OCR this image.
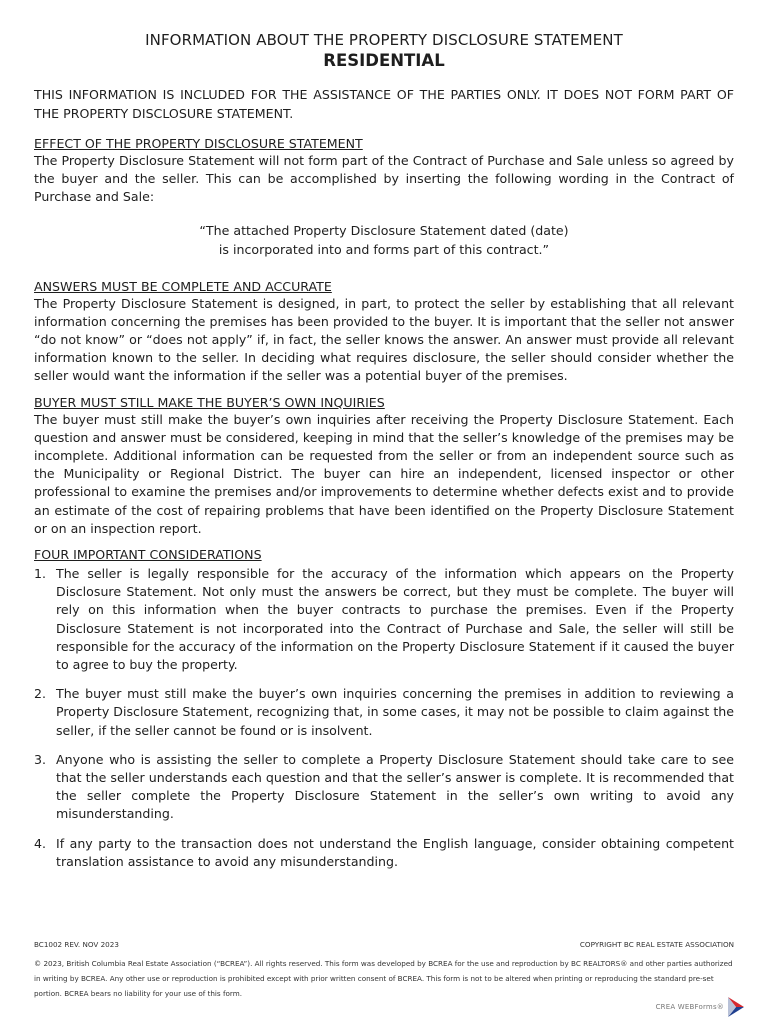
INFORMATION ABOUT THE PROPERTY DISCLOSURE STATEMENT
RESIDENTIAL
THIS INFORMATION IS INCLUDED FOR THE ASSISTANCE OF THE PARTIES ONLY. IT DOES NOT FORM PART OF THE PROPERTY DISCLOSURE STATEMENT.
EFFECT OF THE PROPERTY DISCLOSURE STATEMENT
The Property Disclosure Statement will not form part of the Contract of Purchase and Sale unless so agreed by the buyer and the seller. This can be accomplished by inserting the following wording in the Contract of Purchase and Sale:
“The attached Property Disclosure Statement dated (date)
is incorporated into and forms part of this contract.”
ANSWERS MUST BE COMPLETE AND ACCURATE
The Property Disclosure Statement is designed, in part, to protect the seller by establishing that all relevant information concerning the premises has been provided to the buyer. It is important that the seller not answer “do not know” or “does not apply” if, in fact, the seller knows the answer. An answer must provide all relevant information known to the seller. In deciding what requires disclosure, the seller should consider whether the seller would want the information if the seller was a potential buyer of the premises.
BUYER MUST STILL MAKE THE BUYER’S OWN INQUIRIES
The buyer must still make the buyer’s own inquiries after receiving the Property Disclosure Statement. Each question and answer must be considered, keeping in mind that the seller’s knowledge of the premises may be incomplete. Additional information can be requested from the seller or from an independent source such as the Municipality or Regional District. The buyer can hire an independent, licensed inspector or other professional to examine the premises and/or improvements to determine whether defects exist and to provide an estimate of the cost of repairing problems that have been identified on the Property Disclosure Statement or on an inspection report.
FOUR IMPORTANT CONSIDERATIONS
1. The seller is legally responsible for the accuracy of the information which appears on the Property Disclosure Statement. Not only must the answers be correct, but they must be complete. The buyer will rely on this information when the buyer contracts to purchase the premises. Even if the Property Disclosure Statement is not incorporated into the Contract of Purchase and Sale, the seller will still be responsible for the accuracy of the information on the Property Disclosure Statement if it caused the buyer to agree to buy the property.
2. The buyer must still make the buyer’s own inquiries concerning the premises in addition to reviewing a Property Disclosure Statement, recognizing that, in some cases, it may not be possible to claim against the seller, if the seller cannot be found or is insolvent.
3. Anyone who is assisting the seller to complete a Property Disclosure Statement should take care to see that the seller understands each question and that the seller’s answer is complete. It is recommended that the seller complete the Property Disclosure Statement in the seller’s own writing to avoid any misunderstanding.
4. If any party to the transaction does not understand the English language, consider obtaining competent translation assistance to avoid any misunderstanding.
BC1002 REV. NOV 2023	COPYRIGHT BC REAL ESTATE ASSOCIATION
© 2023, British Columbia Real Estate Association (“BCREA”). All rights reserved. This form was developed by BCREA for the use and reproduction by BC REALTORS® and other parties authorized in writing by BCREA. Any other use or reproduction is prohibited except with prior written consent of BCREA. This form is not to be altered when printing or reproducing the standard pre-set portion. BCREA bears no liability for your use of this form.
CREA WEBForms®
